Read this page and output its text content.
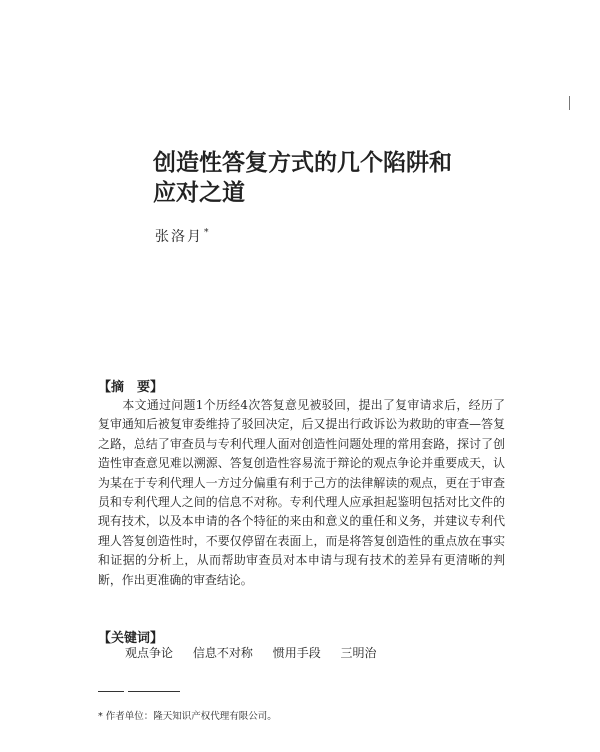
创造性答复方式的几个陷阱和
应对之道
张洛月*
【摘　要】

本文通过问题1个历经4次答复意见被驳回，提出了复审请求后，经历了复审通知后被复审委维持了驳回决定，后又提出行政诉讼为救助的审查—答复之路，总结了审查员与专利代理人面对创造性问题处理的常用套路，探讨了创造性审查意见难以溯源、答复创造性容易流于辩论的观点争论并重要成天，认为某在于专利代理人一方过分偏重有利于己方的法律解读的观点，更在于审查员和专利代理人之间的信息不对称。专利代理人应承担起鉴明包括对比文件的现有技术，以及本申请的各个特征的来由和意义的重任和义务，并建议专利代理人答复创造性时，不要仅停留在表面上，而是将答复创造性的重点放在事实和证据的分析上，从而帮助审查员对本申请与现有技术的差异有更清晰的判断，作出更准确的审查结论。

【关键词】
观点争论 信息不对称 惯用手段 三明治
* 作者单位：隆天知识产权代理有限公司。
